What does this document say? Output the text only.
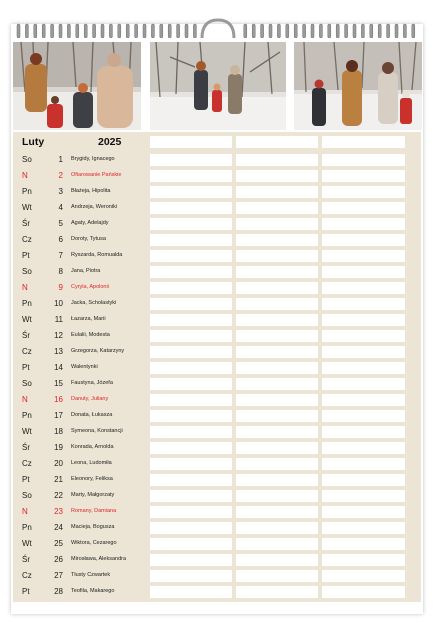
Luty	2025
So	1 Brygidy, Ignacego
N	2 Ofiarowanie Pańskie
Pn	3 Błażeja, Hipolita
Wt	4 Andrzeja, Weroniki
Śr	5 Agaty, Adelajdy
Cz	6 Doroty, Tytusa
Pt	7 Ryszarda, Romualda
So	8 Jana, Piotra
N	9 Cyryla, Apolonii
Pn	10 Jacka, Scholastyki
Wt	11 Łazarza, Marii
Śr	12 Eulalii, Modesta
Cz	13 Grzegorza, Katarzyny
Pt	14 Walentynki
So	15 Faustyna, Józefa
N	16 Danuty, Juliany
Pn	17 Donata, Łukasza
Wt	18 Symeona, Konstancji
Śr	19 Konrada, Arnolda
Cz	20 Leona, Ludomiła
Pt	21 Eleonory, Feliksa
So	22 Marty, Małgorzaty
N	23 Romany, Damiana
Pn	24 Macieja, Bogusza
Wt	25 Wiktora, Cezarego
Śr	26 Mirosława, Aleksandra
Cz	27 Tłusty Czwartek
Pt	28 Teofila, Makarego
